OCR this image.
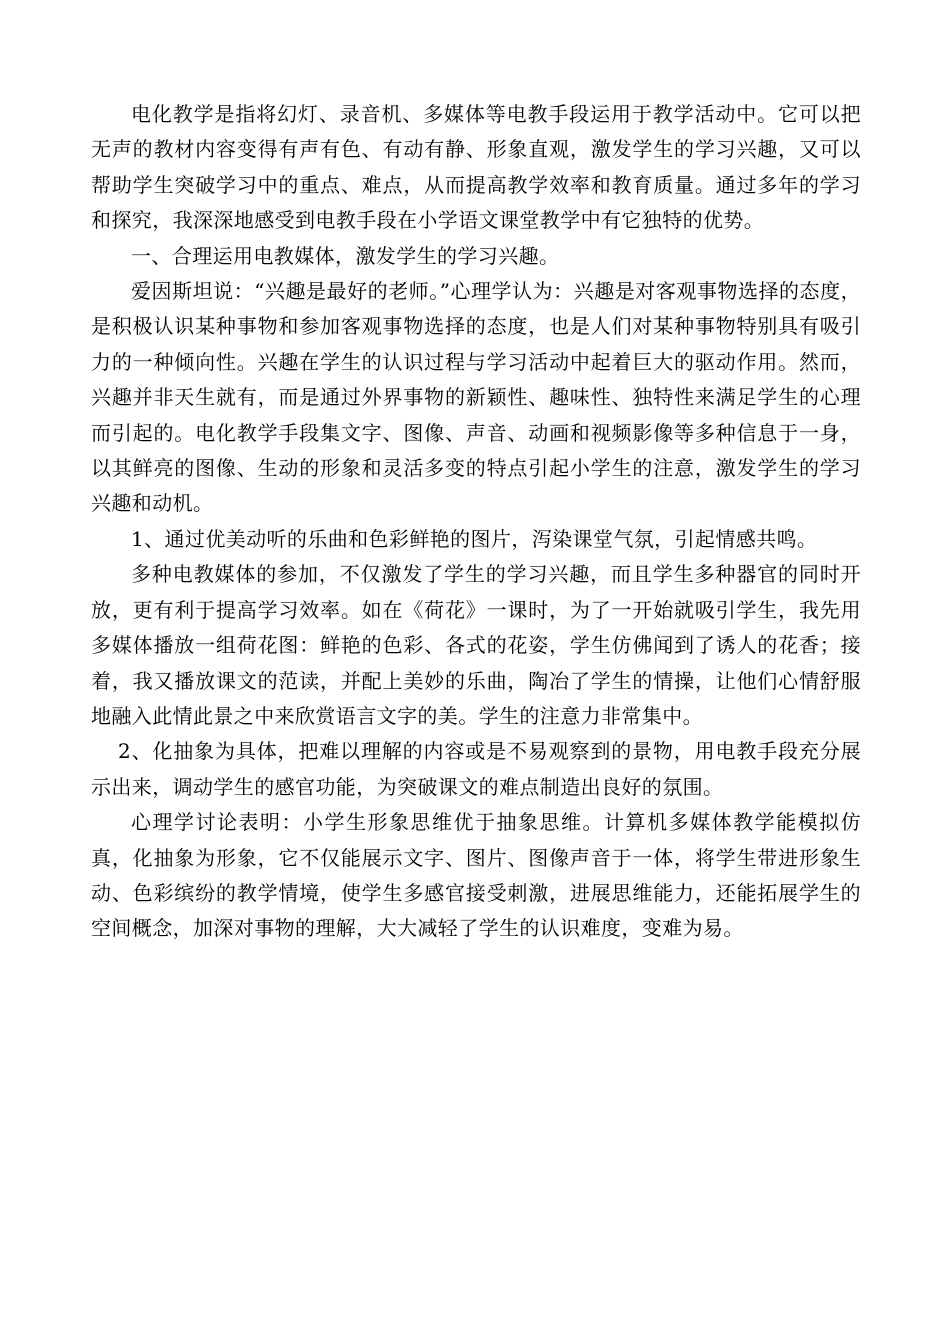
电化教学是指将幻灯、录音机、多媒体等电教手段运用于教学活动中。它可以把无声的教材内容变得有声有色、有动有静、形象直观，激发学生的学习兴趣，又可以帮助学生突破学习中的重点、难点，从而提高教学效率和教育质量。通过多年的学习和探究，我深深地感受到电教手段在小学语文课堂教学中有它独特的优势。

一、合理运用电教媒体，激发学生的学习兴趣。

爱因斯坦说：“兴趣是最好的老师。”心理学认为：兴趣是对客观事物选择的态度，是积极认识某种事物和参加客观事物选择的态度，也是人们对某种事物特别具有吸引力的一种倾向性。兴趣在学生的认识过程与学习活动中起着巨大的驱动作用。然而，兴趣并非天生就有，而是通过外界事物的新颖性、趣味性、独特性来满足学生的心理而引起的。电化教学手段集文字、图像、声音、动画和视频影像等多种信息于一身，以其鲜亮的图像、生动的形象和灵活多变的特点引起小学生的注意，激发学生的学习兴趣和动机。

1、通过优美动听的乐曲和色彩鲜艳的图片，泻染课堂气氛，引起情感共鸣。

多种电教媒体的参加，不仅激发了学生的学习兴趣，而且学生多种器官的同时开放，更有利于提高学习效率。如在《荷花》一课时，为了一开始就吸引学生，我先用多媒体播放一组荷花图：鲜艳的色彩、各式的花姿，学生仿佛闻到了诱人的花香；接着，我又播放课文的范读，并配上美妙的乐曲，陶冶了学生的情操，让他们心情舒服地融入此情此景之中来欣赏语言文字的美。学生的注意力非常集中。

2、化抽象为具体，把难以理解的内容或是不易观察到的景物，用电教手段充分展示出来，调动学生的感官功能，为突破课文的难点制造出良好的氛围。

心理学讨论表明：小学生形象思维优于抽象思维。计算机多媒体教学能模拟仿真，化抽象为形象，它不仅能展示文字、图片、图像声音于一体，将学生带进形象生动、色彩缤纷的教学情境，使学生多感官接受刺激，进展思维能力，还能拓展学生的空间概念，加深对事物的理解，大大减轻了学生的认识难度，变难为易。
